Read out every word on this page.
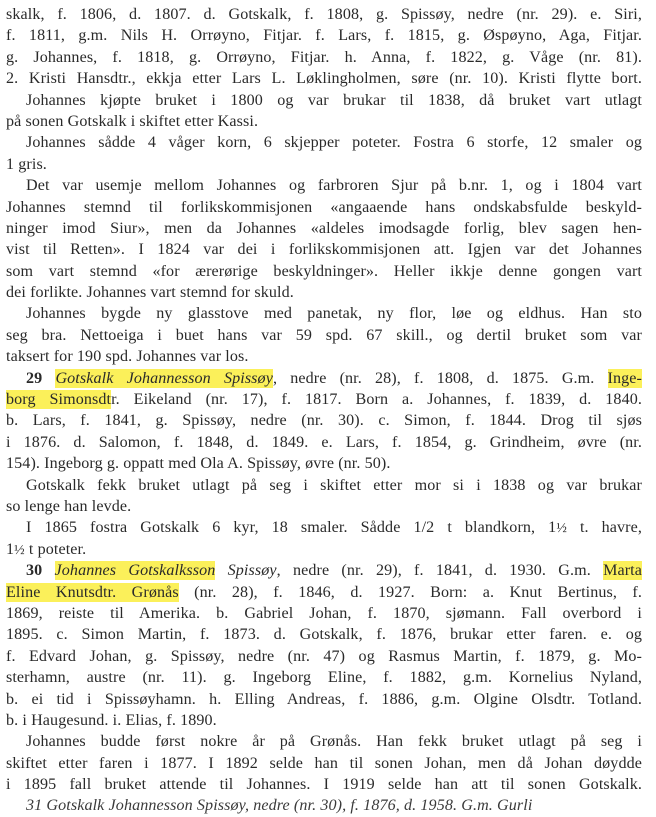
skalk, f. 1806, d. 1807. d. Gotskalk, f. 1808, g. Spissøy, nedre (nr. 29). e. Siri,
f. 1811, g.m. Nils H. Orrøyno, Fitjar. f. Lars, f. 1815, g. Øspøyno, Aga, Fitjar.
g. Johannes, f. 1818, g. Orrøyno, Fitjar. h. Anna, f. 1822, g. Våge (nr. 81).
2. Kristi Hansdtr., ekkja etter Lars L. Løklingholmen, søre (nr. 10). Kristi flytte bort.
Johannes kjøpte bruket i 1800 og var brukar til 1838, då bruket vart utlagt
på sonen Gotskalk i skiftet etter Kassi.
Johannes sådde 4 våger korn, 6 skjepper poteter. Fostra 6 storfe, 12 smaler og
1 gris.
Det var usemje mellom Johannes og farbroren Sjur på b.nr. 1, og i 1804 vart
Johannes stemnd til forlikskommisjonen «angaaende hans ondskabsfulde beskyld-
ninger imod Siur», men da Johannes «aldeles imodsagde forlig, blev sagen hen-
vist til Retten». I 1824 var dei i forlikskommisjonen att. Igjen var det Johannes
som vart stemnd «for ærerørige beskyldninger». Heller ikkje denne gongen vart
dei forlikte. Johannes vart stemnd for skuld.
Johannes bygde ny glasstove med panetak, ny flor, løe og eldhus. Han sto
seg bra. Nettoeiga i buet hans var 59 spd. 67 skill., og dertil bruket som var
taksert for 190 spd. Johannes var los.
29 Gotskalk Johannesson Spissøy, nedre (nr. 28), f. 1808, d. 1875. G.m. Inge-
borg Simonsdtr. Eikeland (nr. 17), f. 1817. Born a. Johannes, f. 1839, d. 1840.
b. Lars, f. 1841, g. Spissøy, nedre (nr. 30). c. Simon, f. 1844. Drog til sjøs
i 1876. d. Salomon, f. 1848, d. 1849. e. Lars, f. 1854, g. Grindheim, øvre (nr.
154). Ingeborg g. oppatt med Ola A. Spissøy, øvre (nr. 50).
Gotskalk fekk bruket utlagt på seg i skiftet etter mor si i 1838 og var brukar
so lenge han levde.
I 1865 fostra Gotskalk 6 kyr, 18 smaler. Sådde 1/2 t blandkorn, 1½ t. havre,
1½ t poteter.
30 Johannes Gotskalksson Spissøy, nedre (nr. 29), f. 1841, d. 1930. G.m. Marta
Eline Knutsdtr. Grønås (nr. 28), f. 1846, d. 1927. Born: a. Knut Bertinus, f.
1869, reiste til Amerika. b. Gabriel Johan, f. 1870, sjømann. Fall overbord i
1895. c. Simon Martin, f. 1873. d. Gotskalk, f. 1876, brukar etter faren. e. og
f. Edvard Johan, g. Spissøy, nedre (nr. 47) og Rasmus Martin, f. 1879, g. Mo-
sterhamn, austre (nr. 11). g. Ingeborg Eline, f. 1882, g.m. Kornelius Nyland,
b. ei tid i Spissøyhamn. h. Elling Andreas, f. 1886, g.m. Olgine Olsdtr. Totland.
b. i Haugesund. i. Elias, f. 1890.
Johannes budde først nokre år på Grønås. Han fekk bruket utlagt på seg i
skiftet etter faren i 1877. I 1892 selde han til sonen Johan, men då Johan døydde
i 1895 fall bruket attende til Johannes. I 1919 selde han att til sonen Gotskalk.
31 Gotskalk Johannesson Spissøy, nedre (nr. 30), f. 1876, d. 1958. G.m. Gurli
